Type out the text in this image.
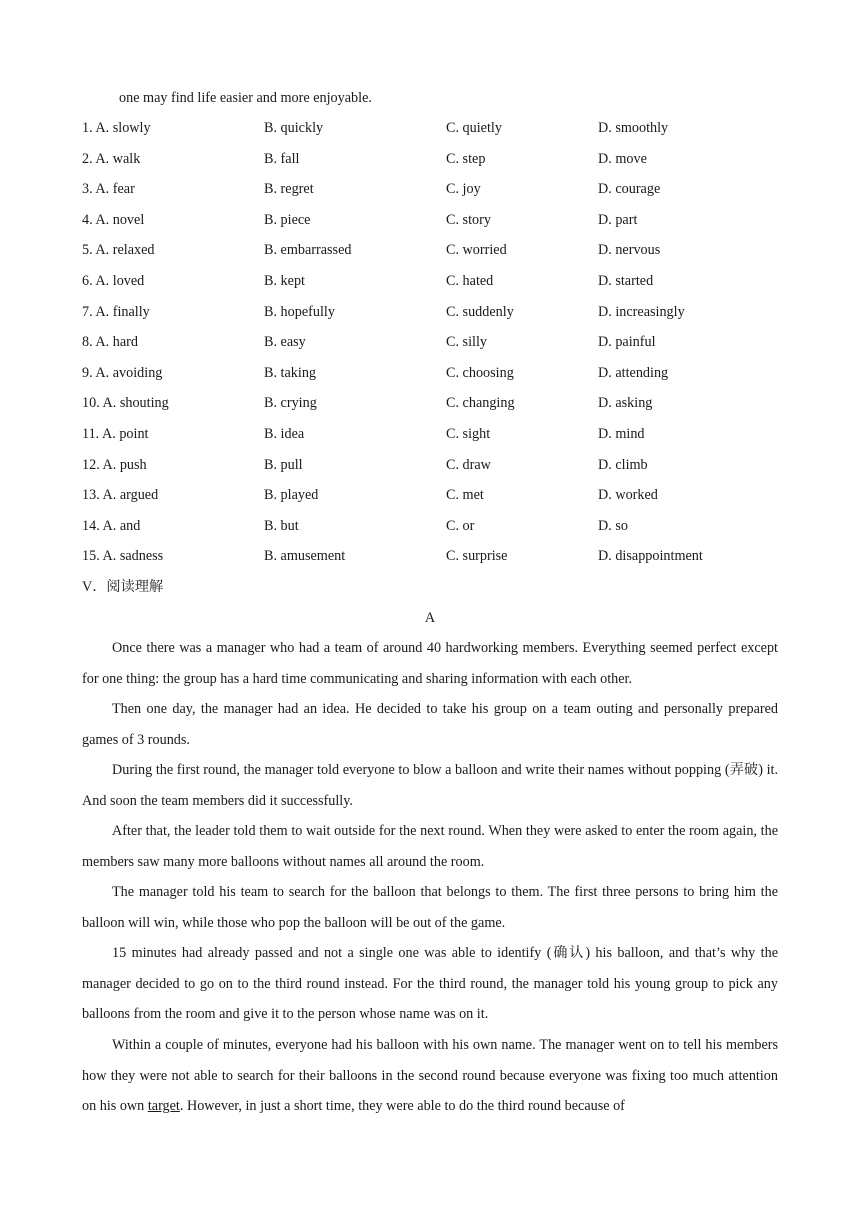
one may find life easier and more enjoyable.
1. A. slowly	B. quickly	C. quietly	D. smoothly
2. A. walk	B. fall	C. step	D. move
3. A. fear	B. regret	C. joy	D. courage
4. A. novel	B. piece	C. story	D. part
5. A. relaxed	B. embarrassed	C. worried	D. nervous
6. A. loved	B. kept	C. hated	D. started
7. A. finally	B. hopefully	C. suddenly	D. increasingly
8. A. hard	B. easy	C. silly	D. painful
9. A. avoiding	B. taking	C. choosing	D. attending
10. A. shouting	B. crying	C. changing	D. asking
11. A. point	B. idea	C. sight	D. mind
12. A. push	B. pull	C. draw	D. climb
13. A. argued	B. played	C. met	D. worked
14. A. and	B. but	C. or	D. so
15. A. sadness	B. amusement	C. surprise	D. disappointment
V．阅读理解
A

Once there was a manager who had a team of around 40 hardworking members. Everything seemed perfect except for one thing: the group has a hard time communicating and sharing information with each other.

Then one day, the manager had an idea. He decided to take his group on a team outing and personally prepared games of 3 rounds.

During the first round, the manager told everyone to blow a balloon and write their names without popping (弄破) it. And soon the team members did it successfully.

After that, the leader told them to wait outside for the next round. When they were asked to enter the room again, the members saw many more balloons without names all around the room.

The manager told his team to search for the balloon that belongs to them. The first three persons to bring him the balloon will win, while those who pop the balloon will be out of the game.

15 minutes had already passed and not a single one was able to identify (确认) his balloon, and that’s why the manager decided to go on to the third round instead. For the third round, the manager told his young group to pick any balloons from the room and give it to the person whose name was on it.

Within a couple of minutes, everyone had his balloon with his own name. The manager went on to tell his members how they were not able to search for their balloons in the second round because everyone was fixing too much attention on his own target. However, in just a short time, they were able to do the third round because of
